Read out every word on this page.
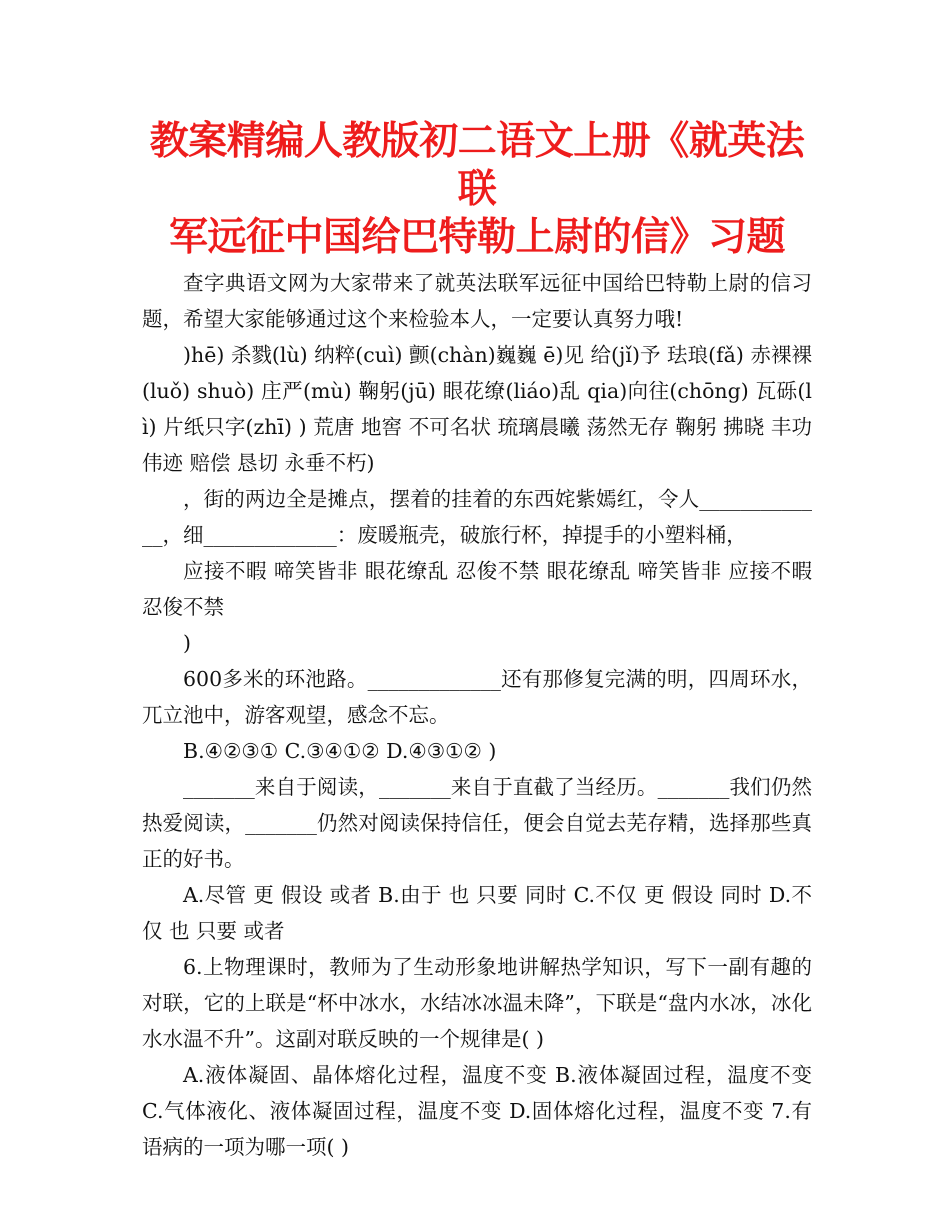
教案精编人教版初二语文上册《就英法联
军远征中国给巴特勒上尉的信》习题

查字典语文网为大家带来了就英法联军远征中国给巴特勒上尉的信习题，希望大家能够通过这个来检验本人，一定要认真努力哦!

)hē) 杀戮(lù) 纳粹(cuì) 颤(chàn)巍巍 ē)见 给(jǐ)予 珐琅(fǎ) 赤裸裸(luǒ) shuò) 庄严(mù) 鞠躬(jū) 眼花缭(liáo)乱 qia)向往(chōng) 瓦砾(lì) 片纸只字(zhī) ) 荒唐 地窖 不可名状 琉璃晨曦 荡然无存 鞠躬 拂晓 丰功伟迹 赔偿 恳切 永垂不朽)

，街的两边全是摊点，摆着的挂着的东西姹紫嫣红，令人_____________，细_____________：废暖瓶壳，破旅行杯，掉提手的小塑料桶，

应接不暇 啼笑皆非 眼花缭乱 忍俊不禁 眼花缭乱 啼笑皆非 应接不暇 忍俊不禁

)

600多米的环池路。_____________还有那修复完满的明，四周环水，兀立池中，游客观望，感念不忘。

B.④②③① C.③④①② D.④③①② )

_______来自于阅读，_______来自于直截了当经历。_______我们仍然热爱阅读，_______仍然对阅读保持信任，便会自觉去芜存精，选择那些真正的好书。

A.尽管 更 假设 或者 B.由于 也 只要 同时 C.不仅 更 假设 同时 D.不仅 也 只要 或者

6.上物理课时，教师为了生动形象地讲解热学知识，写下一副有趣的对联，它的上联是“杯中冰水，水结冰冰温未降”，下联是“盘内水冰，冰化水水温不升”。这副对联反映的一个规律是( )

A.液体凝固、晶体熔化过程，温度不变 B.液体凝固过程，温度不变 C.气体液化、液体凝固过程，温度不变 D.固体熔化过程，温度不变 7.有语病的一项为哪一项( )
